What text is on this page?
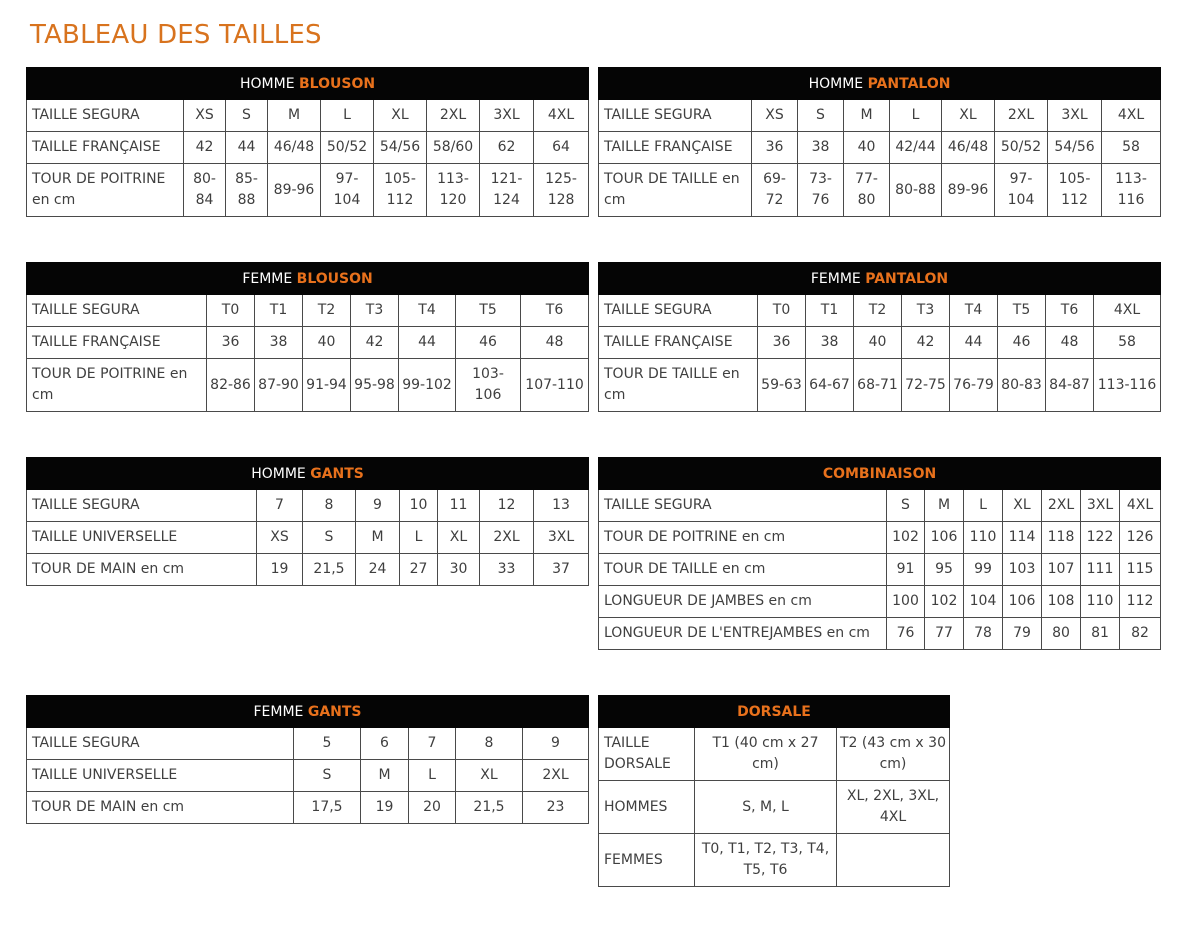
TABLEAU DES TAILLES
HOMME BLOUSON								
TAILLE SEGURA	XS	S	M	L	XL	2XL	3XL	4XL
TAILLE FRANÇAISE	42	44	46/48	50/52	54/56	58/60	62	64
TOUR DE POITRINE en cm	80-84	85-88	89-96	97-104	105-112	113-120	121-124	125-128
HOMME PANTALON								
TAILLE SEGURA	XS	S	M	L	XL	2XL	3XL	4XL
TAILLE FRANÇAISE	36	38	40	42/44	46/48	50/52	54/56	58
TOUR DE TAILLE en cm	69-72	73-76	77-80	80-88	89-96	97-104	105-112	113-116
FEMME BLOUSON							
TAILLE SEGURA	T0	T1	T2	T3	T4	T5	T6
TAILLE FRANÇAISE	36	38	40	42	44	46	48
TOUR DE POITRINE en cm	82-86	87-90	91-94	95-98	99-102	103-106	107-110
FEMME PANTALON								
TAILLE SEGURA	T0	T1	T2	T3	T4	T5	T6	4XL
TAILLE FRANÇAISE	36	38	40	42	44	46	48	58
TOUR DE TAILLE en cm	59-63	64-67	68-71	72-75	76-79	80-83	84-87	113-116
HOMME GANTS							
TAILLE SEGURA	7	8	9	10	11	12	13
TAILLE UNIVERSELLE	XS	S	M	L	XL	2XL	3XL
TOUR DE MAIN en cm	19	21,5	24	27	30	33	37
COMBINAISON							
TAILLE SEGURA	S	M	L	XL	2XL	3XL	4XL
TOUR DE POITRINE en cm	102	106	110	114	118	122	126
TOUR DE TAILLE en cm	91	95	99	103	107	111	115
LONGUEUR DE JAMBES en cm	100	102	104	106	108	110	112
LONGUEUR DE L'ENTREJAMBES en cm	76	77	78	79	80	81	82
FEMME GANTS					
TAILLE SEGURA	5	6	7	8	9
TAILLE UNIVERSELLE	S	M	L	XL	2XL
TOUR DE MAIN en cm	17,5	19	20	21,5	23
DORSALE		
TAILLE DORSALE	T1 (40 cm x 27 cm)	T2 (43 cm x 30 cm)
HOMMES	S, M, L	XL, 2XL, 3XL, 4XL
FEMMES	T0, T1, T2, T3, T4, T5, T6	
